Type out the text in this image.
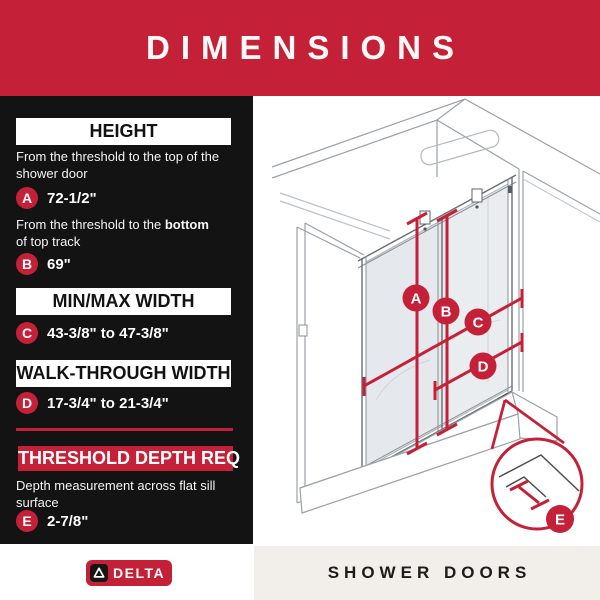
DIMENSIONS
HEIGHT

From the threshold to the top of the shower door

A 72-1/2"

From the threshold to the bottom of top track

B 69"
MIN/MAX WIDTH
C 43-3/8" to 47-3/8"
WALK-THROUGH WIDTH
D 17-3/4" to 21-3/4"
THRESHOLD DEPTH REQ

Depth measurement across flat sill surface

E	2-7/8"
A
B
C
D
E
DELTA	SHOWER DOORS
